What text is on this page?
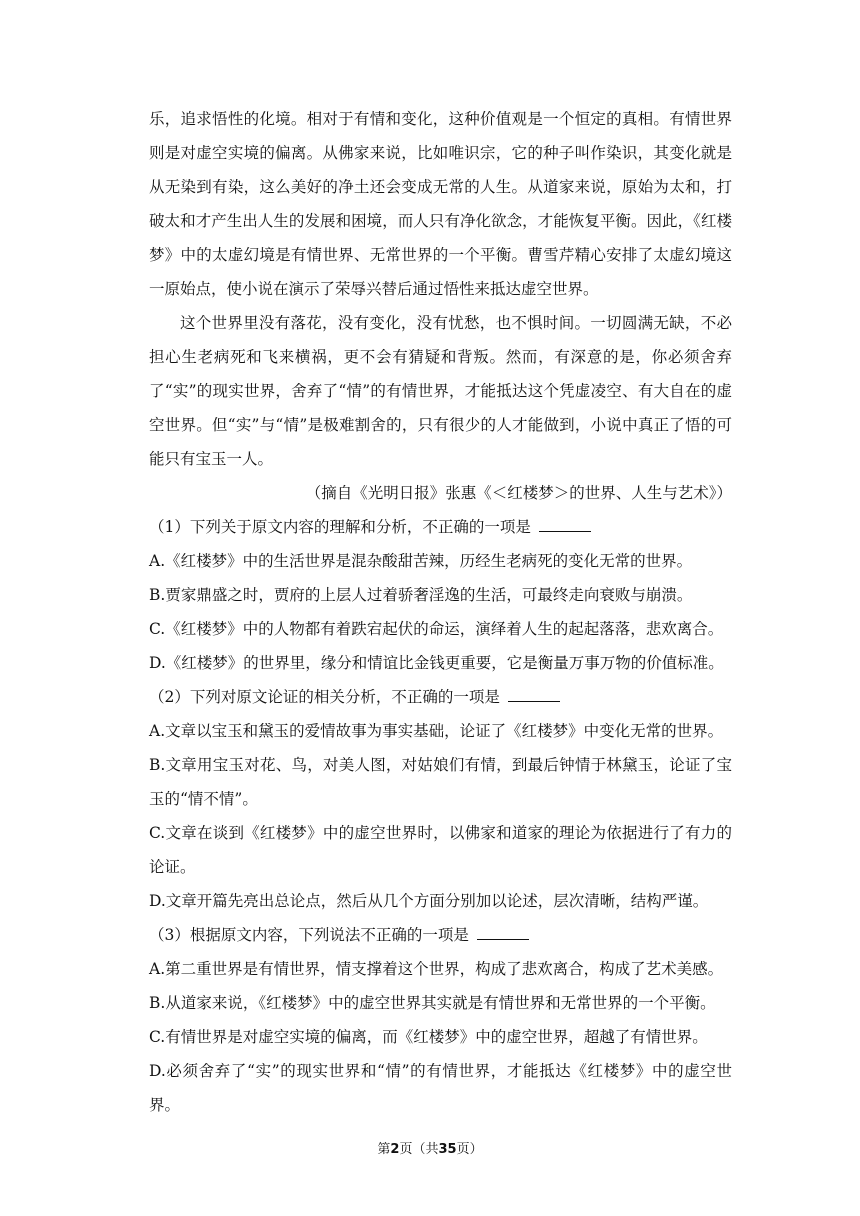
乐，追求悟性的化境。相对于有情和变化，这种价值观是一个恒定的真相。有情世界则是对虚空实境的偏离。从佛家来说，比如唯识宗，它的种子叫作染识，其变化就是从无染到有染，这么美好的净土还会变成无常的人生。从道家来说，原始为太和，打破太和才产生出人生的发展和困境，而人只有净化欲念，才能恢复平衡。因此，《红楼梦》中的太虚幻境是有情世界、无常世界的一个平衡。曹雪芹精心安排了太虚幻境这一原始点，使小说在演示了荣辱兴替后通过悟性来抵达虚空世界。

这个世界里没有落花，没有变化，没有忧愁，也不惧时间。一切圆满无缺，不必担心生老病死和飞来横祸，更不会有猜疑和背叛。然而，有深意的是，你必须舍弃了“实”的现实世界，舍弃了“情”的有情世界，才能抵达这个凭虚凌空、有大自在的虚空世界。但“实”与“情”是极难割舍的，只有很少的人才能做到，小说中真正了悟的可能只有宝玉一人。

（摘自《光明日报》张惠《＜红楼梦＞的世界、人生与艺术》）

（1）下列关于原文内容的理解和分析，不正确的一项是

A.《红楼梦》中的生活世界是混杂酸甜苦辣，历经生老病死的变化无常的世界。

B.贾家鼎盛之时，贾府的上层人过着骄奢淫逸的生活，可最终走向衰败与崩溃。

C.《红楼梦》中的人物都有着跌宕起伏的命运，演绎着人生的起起落落，悲欢离合。

D.《红楼梦》的世界里，缘分和情谊比金钱更重要，它是衡量万事万物的价值标准。

（2）下列对原文论证的相关分析，不正确的一项是

A.文章以宝玉和黛玉的爱情故事为事实基础，论证了《红楼梦》中变化无常的世界。

B.文章用宝玉对花、鸟，对美人图，对姑娘们有情，到最后钟情于林黛玉，论证了宝玉的“情不情”。

C.文章在谈到《红楼梦》中的虚空世界时，以佛家和道家的理论为依据进行了有力的论证。

D.文章开篇先亮出总论点，然后从几个方面分别加以论述，层次清晰，结构严谨。

（3）根据原文内容，下列说法不正确的一项是

A.第二重世界是有情世界，情支撑着这个世界，构成了悲欢离合，构成了艺术美感。

B.从道家来说，《红楼梦》中的虚空世界其实就是有情世界和无常世界的一个平衡。

C.有情世界是对虚空实境的偏离，而《红楼梦》中的虚空世界，超越了有情世界。

D.必须舍弃了“实”的现实世界和“情”的有情世界，才能抵达《红楼梦》中的虚空世界。

第2页（共35页）
